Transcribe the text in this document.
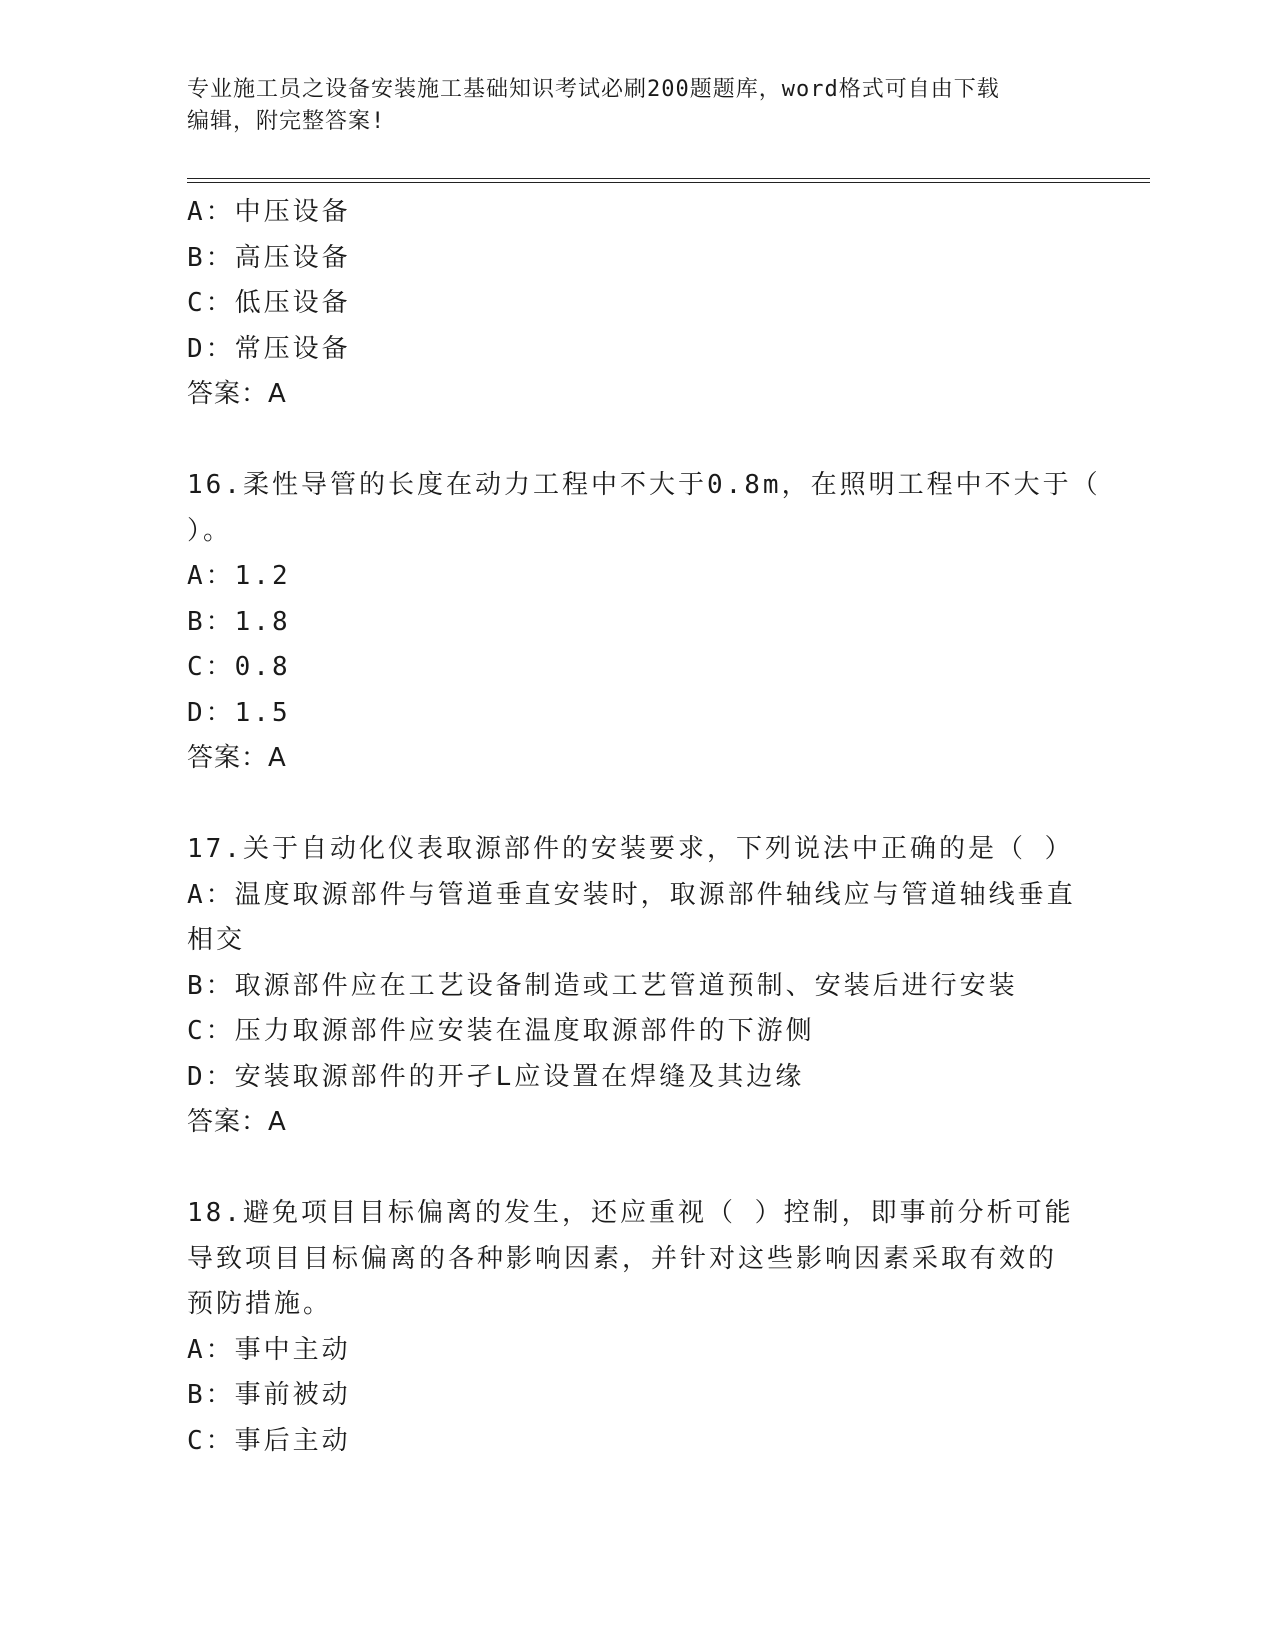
专业施工员之设备安装施工基础知识考试必刷200题题库，word格式可自由下载
编辑，附完整答案!
A：中压设备
B：高压设备
C：低压设备
D：常压设备
答案：A
16.柔性导管的长度在动力工程中不大于0.8m，在照明工程中不大于（
）。
A：1.2
B：1.8
C：0.8
D：1.5
答案：A
17.关于自动化仪表取源部件的安装要求，下列说法中正确的是（ ）
A：温度取源部件与管道垂直安装时，取源部件轴线应与管道轴线垂直
相交
B：取源部件应在工艺设备制造或工艺管道预制、安装后进行安装
C：压力取源部件应安装在温度取源部件的下游侧
D：安装取源部件的开孑L应设置在焊缝及其边缘
答案：A
18.避免项目目标偏离的发生，还应重视（ ）控制，即事前分析可能
导致项目目标偏离的各种影响因素，并针对这些影响因素采取有效的
预防措施。
A：事中主动
B：事前被动
C：事后主动
